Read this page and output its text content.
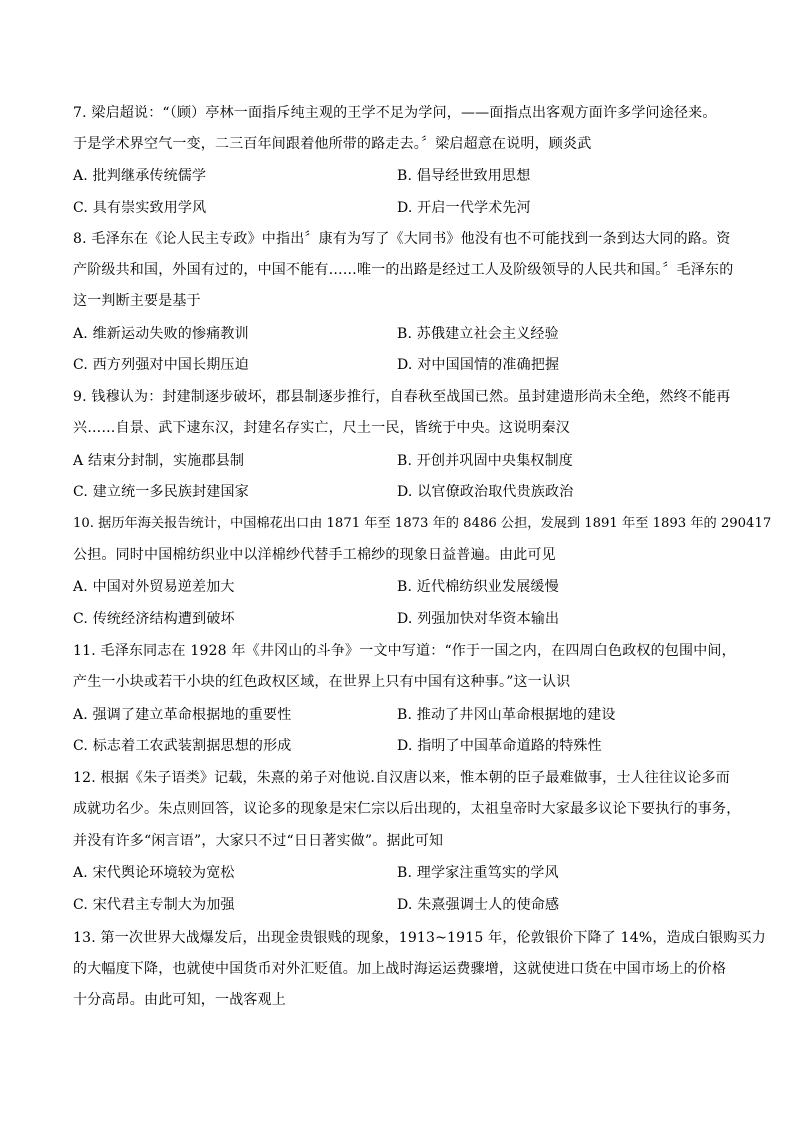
7. 梁启超说：“（顾）亭林一面指斥纯主观的王学不足为学问，——面指点出客观方面许多学问途径来。
于是学术界空气一变，二三百年间跟着他所带的路走去。〞梁启超意在说明，顾炎武
A. 批判继承传统儒学	B. 倡导经世致用思想
C. 具有崇实致用学风	D. 开启一代学术先河
8. 毛泽东在《论人民主专政》中指出〞康有为写了《大同书》他没有也不可能找到一条到达大同的路。资
产阶级共和国，外国有过的，中国不能有……唯一的出路是经过工人及阶级领导的人民共和国。〞毛泽东的
这一判断主要是基于
A. 维新运动失败的惨痛教训	B. 苏俄建立社会主义经验
C. 西方列强对中国长期压迫	D. 对中国国情的准确把握
9. 钱穆认为：封建制逐步破坏，郡县制逐步推行，自春秋至战国已然。虽封建遗形尚未全绝，然终不能再
兴……自景、武下逮东汉，封建名存实亡，尺土一民，皆统于中央。这说明秦汉
A 结束分封制，实施郡县制	B. 开创并巩固中央集权制度
C. 建立统一多民族封建国家	D. 以官僚政治取代贵族政治
10. 据历年海关报告统计，中国棉花出口由 1871 年至 1873 年的 8486 公担，发展到 1891 年至 1893 年的 290417
公担。同时中国棉纺织业中以洋棉纱代替手工棉纱的现象日益普遍。由此可见
A. 中国对外贸易逆差加大	B. 近代棉纺织业发展缓慢
C. 传统经济结构遭到破坏	D. 列强加快对华资本输出
11. 毛泽东同志在 1928 年《井冈山的斗争》一文中写道：“作于一国之内，在四周白色政权的包围中间，
产生一小块或若干小块的红色政权区域，在世界上只有中国有这种事。”这一认识
A. 强调了建立革命根据地的重要性	B. 推动了井冈山革命根据地的建设
C. 标志着工农武装割据思想的形成	D. 指明了中国革命道路的特殊性
12. 根据《朱子语类》记载，朱熹的弟子对他说.自汉唐以来，惟本朝的臣子最难做事，士人往往议论多而
成就功名少。朱点则回答，议论多的现象是宋仁宗以后出现的，太祖皇帝时大家最多议论下要执行的事务，
并没有许多“闲言语”，大家只不过“日日著实做”。据此可知
A. 宋代舆论环境较为宽松	B. 理学家注重笃实的学风
C. 宋代君主专制大为加强	D. 朱熹强调士人的使命感
13. 第一次世界大战爆发后，出现金贵银贱的现象，1913~1915 年，伦敦银价下降了 14%，造成白银购买力
的大幅度下降，也就使中国货币对外汇贬值。加上战时海运运费骤增，这就使进口货在中国市场上的价格
十分高昂。由此可知，一战客观上
